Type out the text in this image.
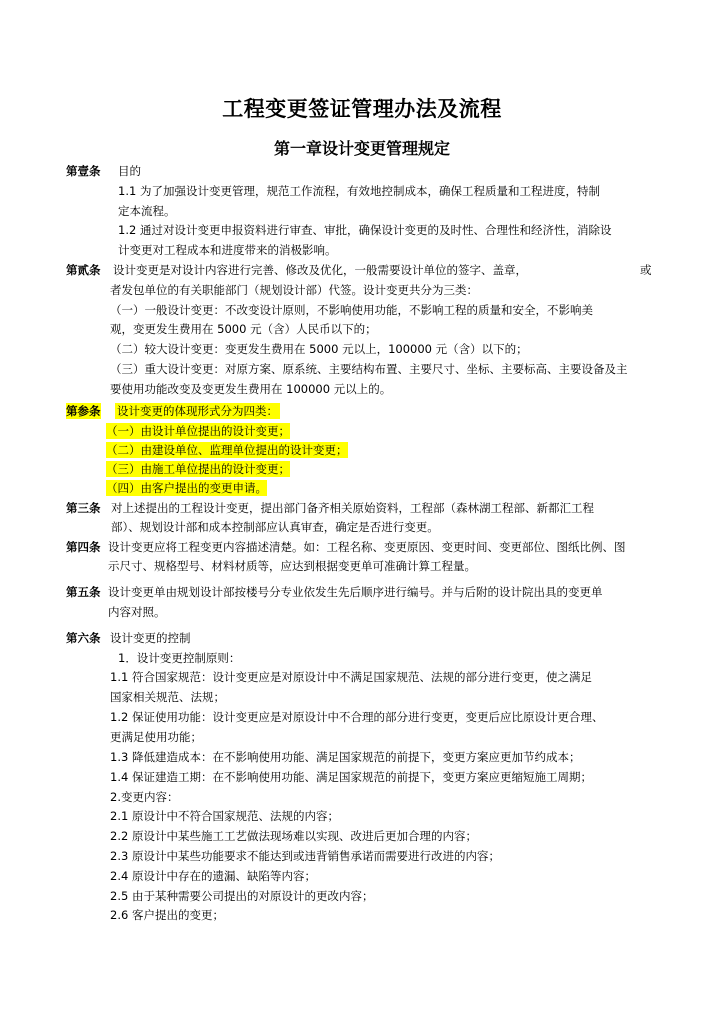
工程变更签证管理办法及流程
第一章设计变更管理规定
第壹条 目的
1.1 为了加强设计变更管理，规范工作流程，有效地控制成本，确保工程质量和工程进度，特制
定本流程。
1.2 通过对设计变更申报资料进行审查、审批，确保设计变更的及时性、合理性和经济性，消除设
计变更对工程成本和进度带来的消极影响。
第贰条 设计变更是对设计内容进行完善、修改及优化，一般需要设计单位的签字、盖章，	或
者发包单位的有关职能部门（规划设计部）代签。设计变更共分为三类：
（一）一般设计变更：不改变设计原则，不影响使用功能，不影响工程的质量和安全，不影响美
观，变更发生费用在 5000 元（含）人民币以下的；
（二）较大设计变更：变更发生费用在 5000 元以上，100000 元（含）以下的；
（三）重大设计变更：对原方案、原系统、主要结构布置、主要尺寸、坐标、主要标高、主要设备及主
要使用功能改变及变更发生费用在 100000 元以上的。
第参条 设计变更的体现形式分为四类：
（一）由设计单位提出的设计变更；
（二）由建设单位、监理单位提出的设计变更；
（三）由施工单位提出的设计变更；
（四）由客户提出的变更申请。
第三条 对上述提出的工程设计变更，提出部门备齐相关原始资料，工程部（森林湖工程部、新都汇工程
部）、规划设计部和成本控制部应认真审查，确定是否进行变更。
第四条 设计变更应将工程变更内容描述清楚。如：工程名称、变更原因、变更时间、变更部位、图纸比例、图
示尺寸、规格型号、材料材质等，应达到根据变更单可准确计算工程量。
第五条 设计变更单由规划设计部按楼号分专业依发生先后顺序进行编号。并与后附的设计院出具的变更单
内容对照。
第六条 设计变更的控制
1．设计变更控制原则：
1.1 符合国家规范：设计变更应是对原设计中不满足国家规范、法规的部分进行变更，使之满足
国家相关规范、法规；
1.2 保证使用功能：设计变更应是对原设计中不合理的部分进行变更，变更后应比原设计更合理、
更满足使用功能；
1.3 降低建造成本：在不影响使用功能、满足国家规范的前提下，变更方案应更加节约成本；
1.4 保证建造工期：在不影响使用功能、满足国家规范的前提下，变更方案应更缩短施工周期；
2.变更内容：
2.1 原设计中不符合国家规范、法规的内容；
2.2 原设计中某些施工工艺做法现场难以实现、改进后更加合理的内容；
2.3 原设计中某些功能要求不能达到或违背销售承诺而需要进行改进的内容；
2.4 原设计中存在的遗漏、缺陷等内容；
2.5 由于某种需要公司提出的对原设计的更改内容；
2.6 客户提出的变更；
